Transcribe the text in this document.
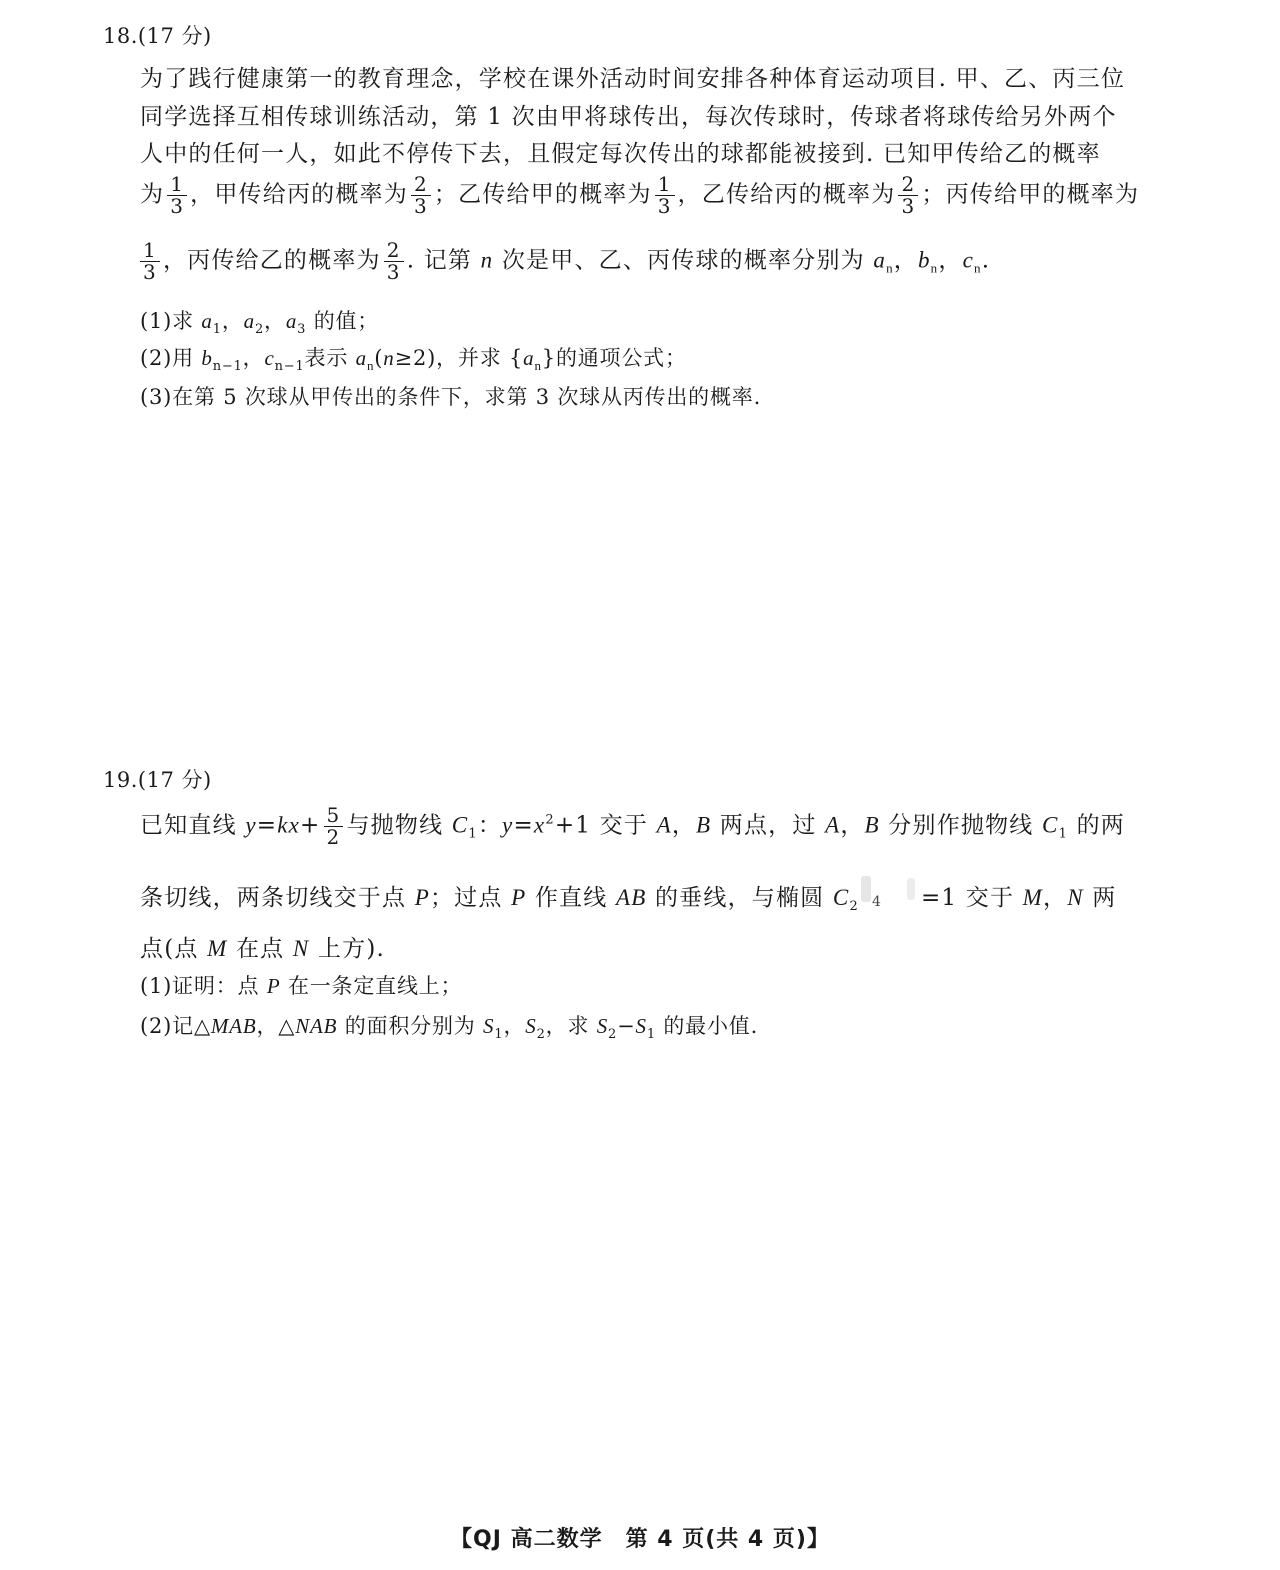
18.(17 分)
为了践行健康第一的教育理念，学校在课外活动时间安排各种体育运动项目. 甲、乙、丙三位
同学选择互相传球训练活动，第 1 次由甲将球传出，每次传球时，传球者将球传给另外两个
人中的任何一人，如此不停传下去，且假定每次传出的球都能被接到. 已知甲传给乙的概率
为 $\frac{1}{3}$ ，甲传给丙的概率为 $\frac{2}{3}$ ；乙传给甲的概率为 $\frac{1}{3}$ ，乙传给丙的概率为 $\frac{2}{3}$ ；丙传给甲的概率为
$\frac{1}{3}$ ，丙传给乙的概率为 $\frac{2}{3}$ . 记第 n 次是甲、乙、丙传球的概率分别为 $a_n$，$b_n$，$c_n$.
(1)求 $a_1$，$a_2$，$a_3$ 的值；
(2)用 $b_{n-1}$，$c_{n-1}$表示 $a_n(n\ge 2)$，并求 $\{a_n\}$的通项公式；
(3)在第 5 次球从甲传出的条件下，求第 3 次球从丙传出的概率.
19.(17 分)
已知直线 $y=kx+ \frac{5}{2}$ 与抛物线 $C_1$：$y=x^2+1$ 交于 A，B 两点，过 A，B 分别作抛物线 $C_1$ 的两
条切线，两条切线交于点 P；过点 P 作直线 AB 的垂线，与椭圆 $C_2$ 4 =1 交于 M，N 两
点(点 M 在点 N 上方).
(1)证明：点 P 在一条定直线上；
(2)记△MAB，△NAB 的面积分别为 $S_1$，$S_2$，求 $S_2-S_1$ 的最小值.
【QJ 高二数学　第 4 页(共 4 页)】
